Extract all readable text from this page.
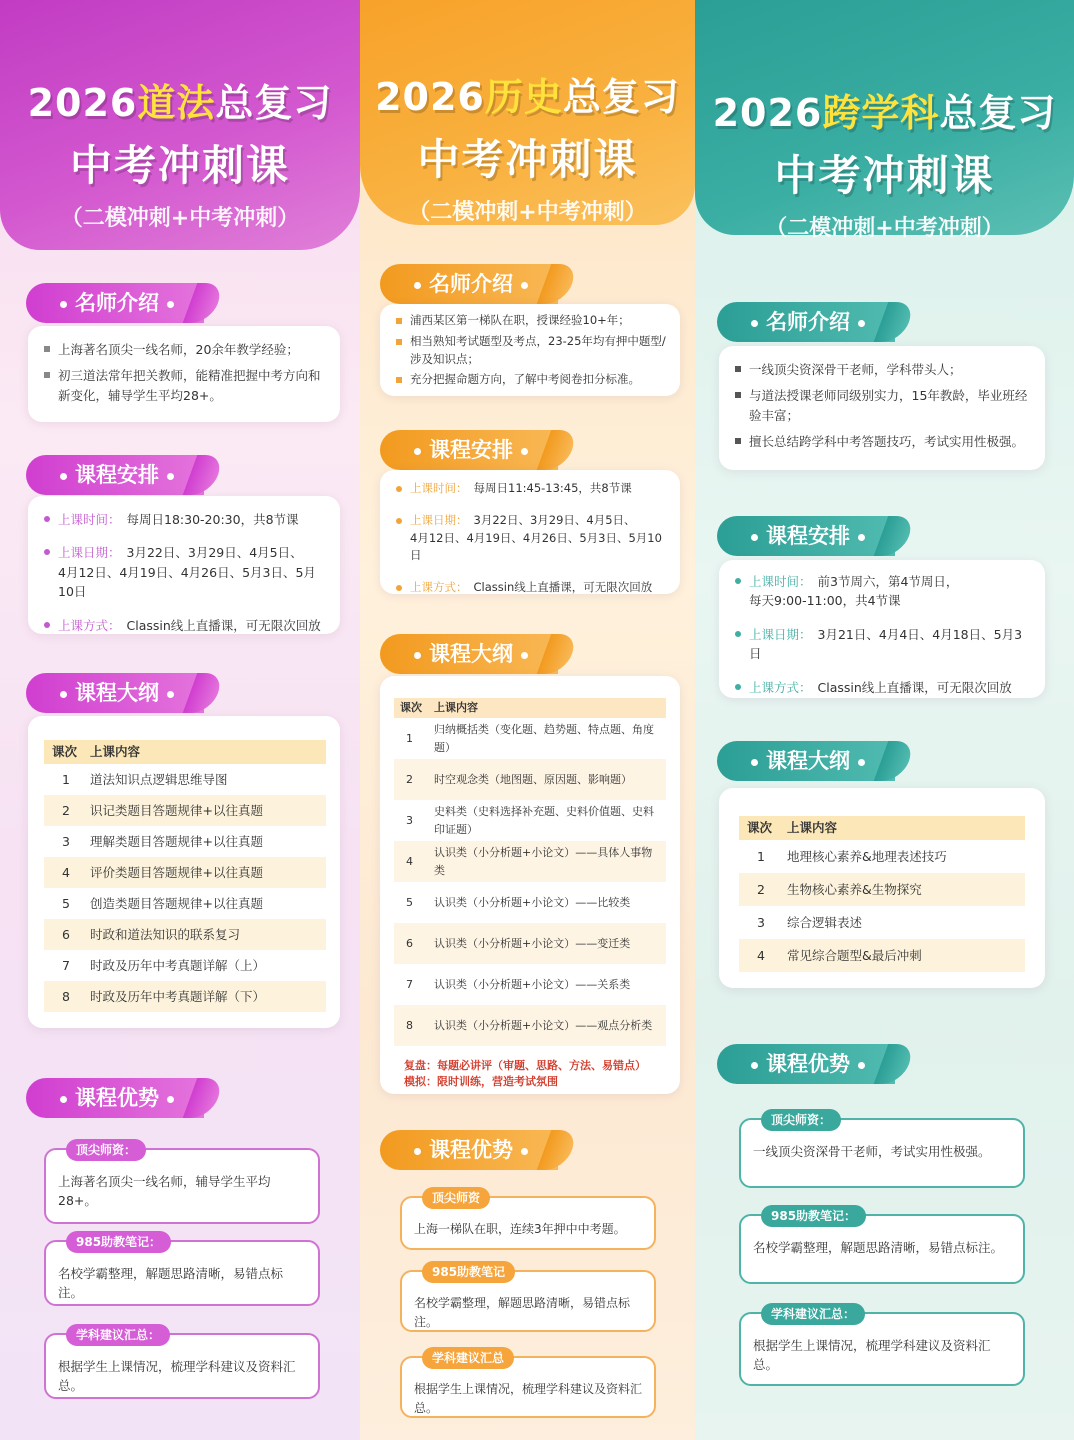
2026道法总复习
中考冲刺课
（二模冲刺+中考冲刺）
名师介绍
上海著名顶尖一线名师，20余年教学经验；
初三道法常年把关教师，能精准把握中考方向和新变化，辅导学生平均28+。
课程安排
上课时间： 每周日18:30-20:30，共8节课
上课日期： 3月22日、3月29日、4月5日、
4月12日、4月19日、4月26日、5月3日、5月10日
上课方式： Classin线上直播课，可无限次回放
课程大纲
课次	上课内容
1	道法知识点逻辑思维导图
2	识记类题目答题规律+以往真题
3	理解类题目答题规律+以往真题
4	评价类题目答题规律+以往真题
5	创造类题目答题规律+以往真题
6	时政和道法知识的联系复习
7	时政及历年中考真题详解（上）
8	时政及历年中考真题详解（下）
课程优势
顶尖师资：
上海著名顶尖一线名师，辅导学生平均28+。
985助教笔记：
名校学霸整理，解题思路清晰，易错点标注。
学科建议汇总：
根据学生上课情况，梳理学科建议及资料汇总。
2026历史总复习
中考冲刺课
（二模冲刺+中考冲刺）
名师介绍
浦西某区第一梯队在职，授课经验10+年；
相当熟知考试题型及考点，23-25年均有押中题型/涉及知识点；
充分把握命题方向，了解中考阅卷扣分标准。
课程安排
上课时间： 每周日11:45-13:45，共8节课
上课日期： 3月22日、3月29日、4月5日、
4月12日、4月19日、4月26日、5月3日、5月10日
上课方式： Classin线上直播课，可无限次回放
课程大纲
课次	上课内容
1	归纳概括类（变化题、趋势题、特点题、角度题）
2	时空观念类（地图题、原因题、影响题）
3	史料类（史料选择补充题、史料价值题、史料印证题）
4	认识类（小分析题+小论文）——具体人事物类
5	认识类（小分析题+小论文）——比较类
6	认识类（小分析题+小论文）——变迁类
7	认识类（小分析题+小论文）——关系类
8	认识类（小分析题+小论文）——观点分析类
复盘：每题必讲评（审题、思路、方法、易错点）
模拟：限时训练，营造考试氛围
课程优势
顶尖师资
上海一梯队在职，连续3年押中中考题。
985助教笔记
名校学霸整理，解题思路清晰，易错点标注。
学科建议汇总
根据学生上课情况，梳理学科建议及资料汇总。
2026跨学科总复习
中考冲刺课
（二模冲刺+中考冲刺）
名师介绍
一线顶尖资深骨干老师，学科带头人；
与道法授课老师同级别实力，15年教龄，毕业班经验丰富；
擅长总结跨学科中考答题技巧，考试实用性极强。
课程安排
上课时间： 前3节周六，第4节周日，
每天9:00-11:00，共4节课
上课日期： 3月21日、4月4日、4月18日、5月3日
上课方式： Classin线上直播课，可无限次回放
课程大纲
课次	上课内容
1	地理核心素养&地理表述技巧
2	生物核心素养&生物探究
3	综合逻辑表述
4	常见综合题型&最后冲刺
课程优势
顶尖师资：
一线顶尖资深骨干老师，考试实用性极强。
985助教笔记：
名校学霸整理，解题思路清晰，易错点标注。
学科建议汇总：
根据学生上课情况，梳理学科建议及资料汇总。
